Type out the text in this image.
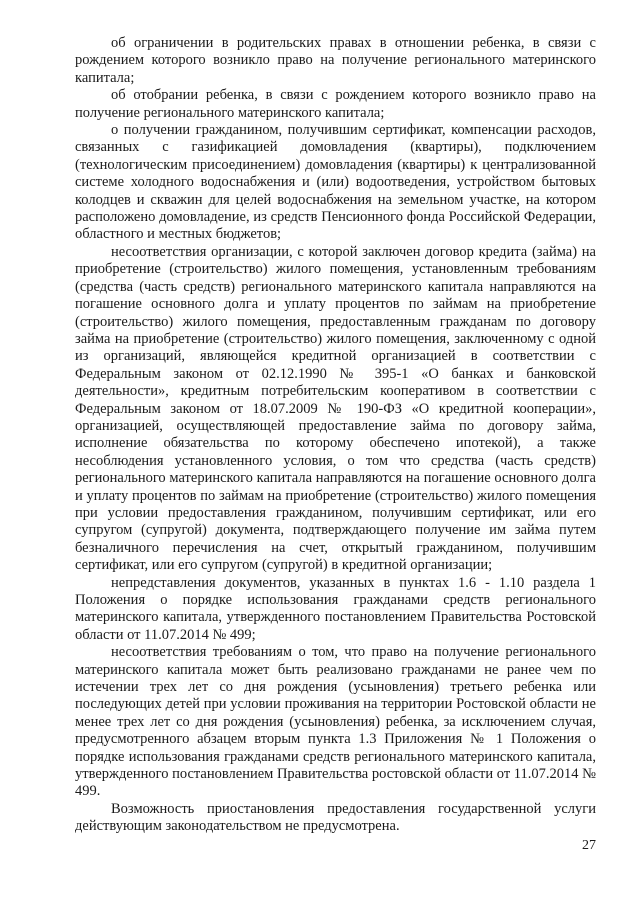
об ограничении в родительских правах в отношении ребенка, в связи с рождением которого возникло право на получение регионального материнского капитала;

об отобрании ребенка, в связи с рождением которого возникло право на получение регионального материнского капитала;

о получении гражданином, получившим сертификат, компенсации расходов, связанных с газификацией домовладения (квартиры), подключением (технологическим присоединением) домовладения (квартиры) к централизованной системе холодного водоснабжения и (или) водоотведения, устройством бытовых колодцев и скважин для целей водоснабжения на земельном участке, на котором расположено домовладение, из средств Пенсионного фонда Российской Федерации, областного и местных бюджетов;

несоответствия организации, с которой заключен договор кредита (займа) на приобретение (строительство) жилого помещения, установленным требованиям (средства (часть средств) регионального материнского капитала направляются на погашение основного долга и уплату процентов по займам на приобретение (строительство) жилого помещения, предоставленным гражданам по договору займа на приобретение (строительство) жилого помещения, заключенному с одной из организаций, являющейся кредитной организацией в соответствии с Федеральным законом от 02.12.1990 № 395-1 «О банках и банковской деятельности», кредитным потребительским кооперативом в соответствии с Федеральным законом от 18.07.2009 № 190-ФЗ «О кредитной кооперации», организацией, осуществляющей предоставление займа по договору займа, исполнение обязательства по которому обеспечено ипотекой), а также несоблюдения установленного условия, о том что средства (часть средств) регионального материнского капитала направляются на погашение основного долга и уплату процентов по займам на приобретение (строительство) жилого помещения при условии предоставления гражданином, получившим сертификат, или его супругом (супругой) документа, подтверждающего получение им займа путем безналичного перечисления на счет, открытый гражданином, получившим сертификат, или его супругом (супругой) в кредитной организации;

непредставления документов, указанных в пунктах 1.6 - 1.10 раздела 1 Положения о порядке использования гражданами средств регионального материнского капитала, утвержденного постановлением Правительства Ростовской области от 11.07.2014 № 499;

несоответствия требованиям о том, что право на получение регионального материнского капитала может быть реализовано гражданами не ранее чем по истечении трех лет со дня рождения (усыновления) третьего ребенка или последующих детей при условии проживания на территории Ростовской области не менее трех лет со дня рождения (усыновления) ребенка, за исключением случая, предусмотренного абзацем вторым пункта 1.3 Приложения № 1 Положения о порядке использования гражданами средств регионального материнского капитала, утвержденного постановлением Правительства ростовской области от 11.07.2014 № 499.

Возможность приостановления предоставления государственной услуги действующим законодательством не предусмотрена.

27
